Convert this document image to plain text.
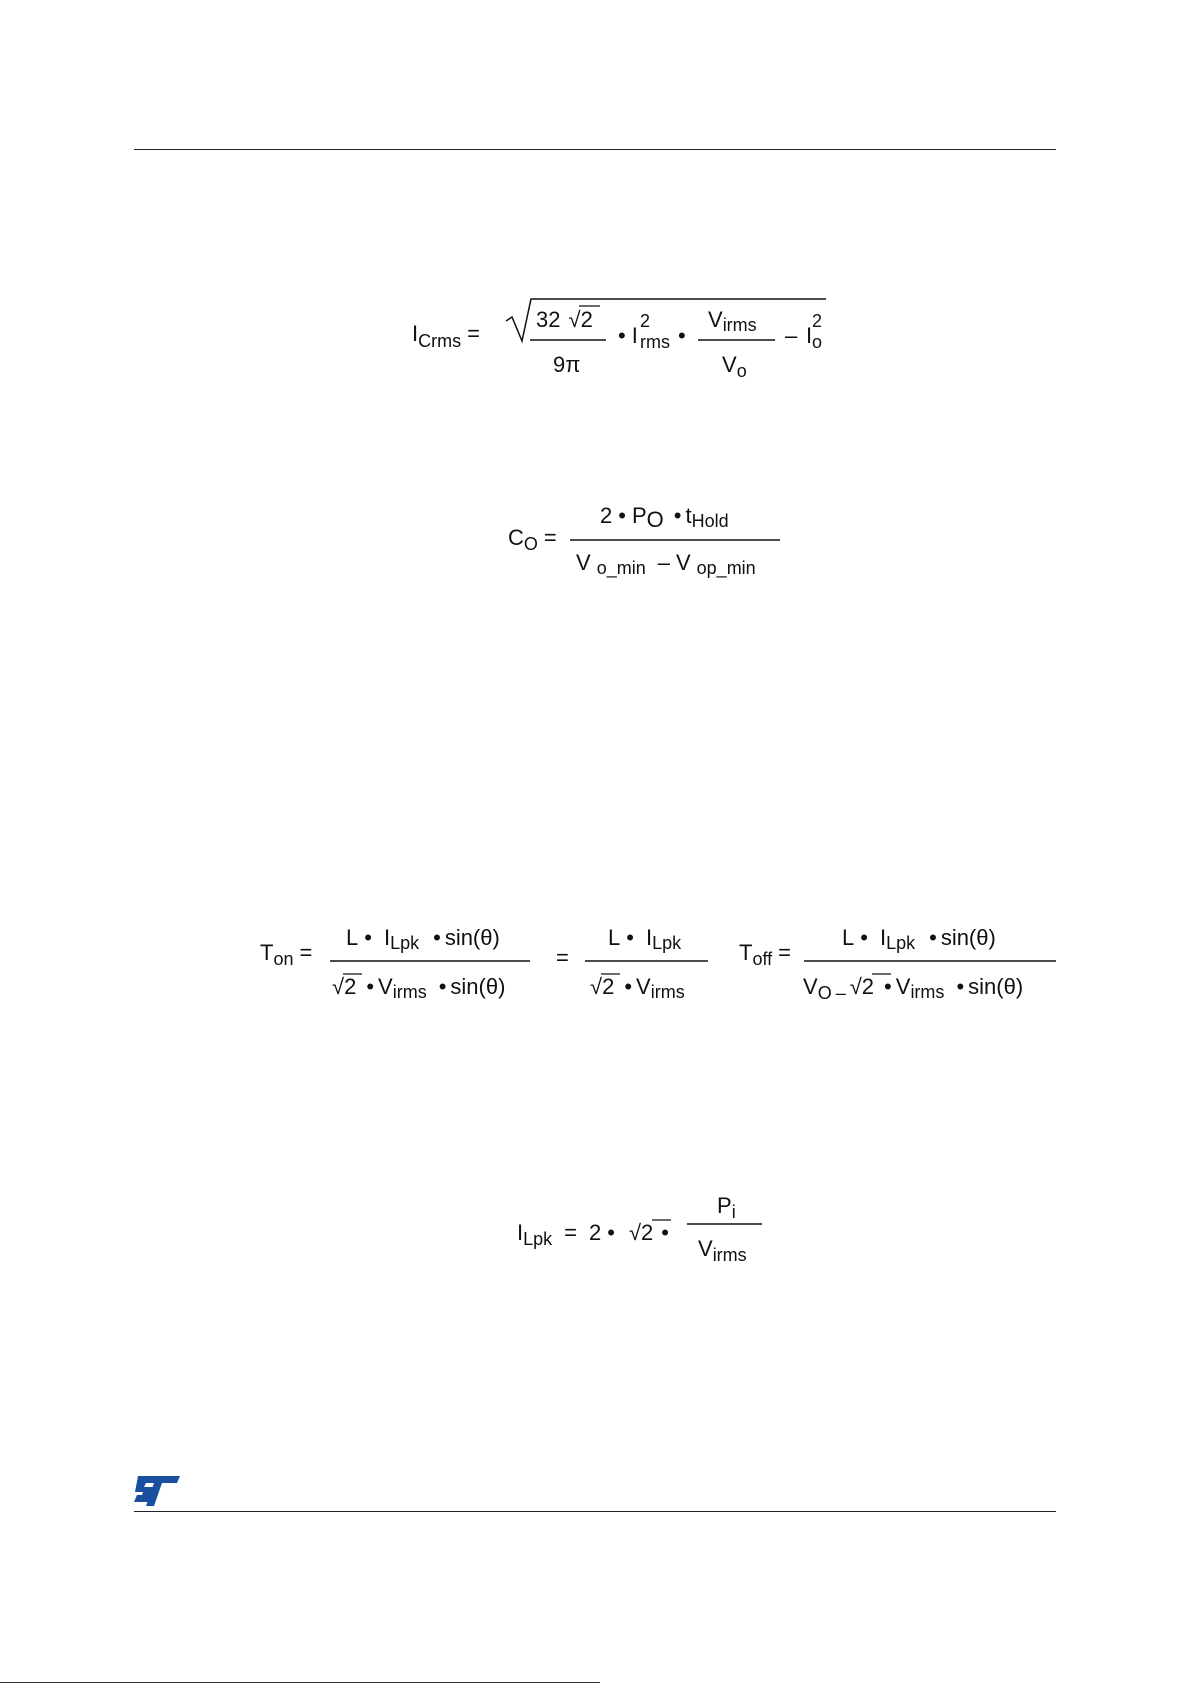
$I_{Crms}$ =
32 √2
9π
• I
2
rms •
Virms
$V_o$
– I
2
o
$C_O$ =
2 • PO • tHold
V o_min – V op_min
$T_{on}$ =
L • ILpk • sin(θ)
√2 • Virms • sin(θ)
=
L • ILpk
√2 • Virms
$T_{off}$ =
L • ILpk • sin(θ)
$V_O - √2$ • Virms • sin(θ)
$I_{Lpk} = 2$ • √2 •
$P_i$
$V_{irms}$
